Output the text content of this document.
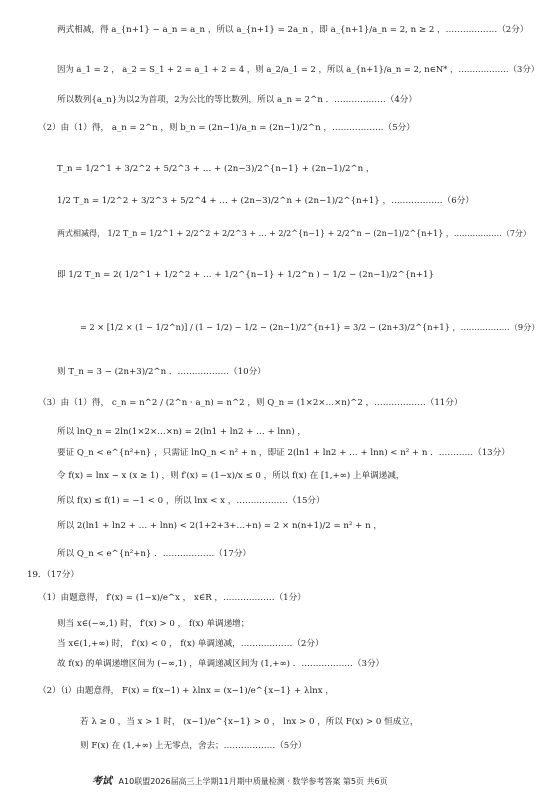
两式相减，得 a_{n+1} − a_n = a_n ，所以 a_{n+1} = 2a_n ，即 a_{n+1}/a_n = 2, n ≥ 2 ，………………（2分）
因为 a_1 = 2 ， a_2 = S_1 + 2 = a_1 + 2 = 4 ，则 a_2/a_1 = 2 ，所以 a_{n+1}/a_n = 2, n∈N* ，………………（3分）
所以数列{a_n}为以2为首项，2为公比的等比数列，所以 a_n = 2^n ．………………（4分）
（2）由（1）得， a_n = 2^n ，则 b_n = (2n−1)/a_n = (2n−1)/2^n ，………………（5分）
T_n = 1/2^1 + 3/2^2 + 5/2^3 + … + (2n−3)/2^{n−1} + (2n−1)/2^n ，
1/2 T_n = 1/2^2 + 3/2^3 + 5/2^4 + … + (2n−3)/2^n + (2n−1)/2^{n+1} ，………………（6分）
两式相减得， 1/2 T_n = 1/2^1 + 2/2^2 + 2/2^3 + … + 2/2^{n−1} + 2/2^n − (2n−1)/2^{n+1} ，………………（7分）
即 1/2 T_n = 2( 1/2^1 + 1/2^2 + … + 1/2^{n−1} + 1/2^n ) − 1/2 − (2n−1)/2^{n+1}
= 2 × [1/2 × (1 − 1/2^n)] / (1 − 1/2) − 1/2 − (2n−1)/2^{n+1} = 3/2 − (2n+3)/2^{n+1} ，………………（9分）
则 T_n = 3 − (2n+3)/2^n ．………………（10分）
（3）由（1）得， c_n = n^2 / (2^n · a_n) = n^2 ，则 Q_n = (1×2×…×n)^2 ，………………（11分）
所以 lnQ_n = 2ln(1×2×…×n) = 2(ln1 + ln2 + … + lnn) ，
要证 Q_n < e^{n²+n} ，只需证 lnQ_n < n² + n ，即证 2(ln1 + ln2 + … + lnn) < n² + n ．…………（13分）
令 f(x) = lnx − x (x ≥ 1) ，则 f′(x) = (1−x)/x ≤ 0 ，所以 f(x) 在 [1,+∞) 上单调递减，
所以 f(x) ≤ f(1) = −1 < 0 ，所以 lnx < x ，………………（15分）
所以 2(ln1 + ln2 + … + lnn) < 2(1+2+3+…+n) = 2 × n(n+1)/2 = n² + n ，
所以 Q_n < e^{n²+n} ．………………（17分）
19．（17分）
（1）由题意得， f′(x) = (1−x)/e^x ， x∈R ，………………（1分）
则当 x∈(−∞,1) 时， f′(x) > 0 ， f(x) 单调递增；
当 x∈(1,+∞) 时， f′(x) < 0 ， f(x) 单调递减，………………（2分）
故 f(x) 的单调递增区间为 (−∞,1) ，单调递减区间为 (1,+∞) ．………………（3分）
（2）（i）由题意得， F(x) = f(x−1) + λlnx = (x−1)/e^{x−1} + λlnx ，
若 λ ≥ 0 ，当 x > 1 时， (x−1)/e^{x−1} > 0 ， lnx > 0 ，所以 F(x) > 0 恒成立，
则 F(x) 在 (1,+∞) 上无零点，舍去；………………（5分）
考试 A10联盟2026届高三上学期11月期中质量检测 · 数学参考答案 第5页 共6页
